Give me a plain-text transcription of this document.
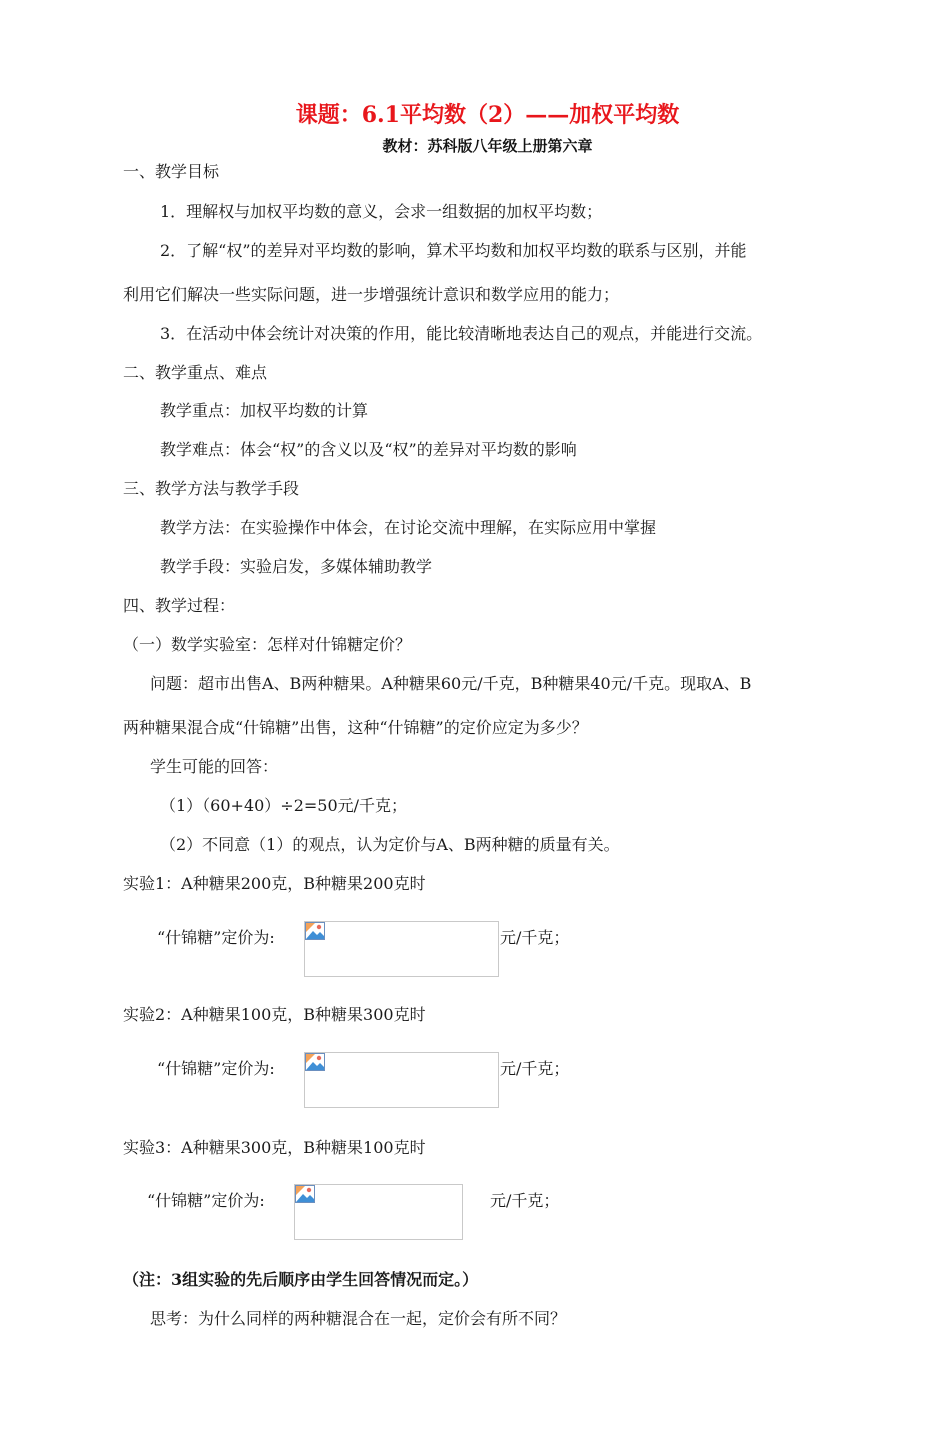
课题：6.1平均数（2）——加权平均数
教材：苏科版八年级上册第六章
一、教学目标
1．理解权与加权平均数的意义，会求一组数据的加权平均数；
2．了解“权”的差异对平均数的影响，算术平均数和加权平均数的联系与区别，并能
利用它们解决一些实际问题，进一步增强统计意识和数学应用的能力；
3．在活动中体会统计对决策的作用，能比较清晰地表达自己的观点，并能进行交流。
二、教学重点、难点
教学重点：加权平均数的计算
教学难点：体会“权”的含义以及“权”的差异对平均数的影响
三、教学方法与教学手段
教学方法：在实验操作中体会，在讨论交流中理解，在实际应用中掌握
教学手段：实验启发，多媒体辅助教学
四、教学过程：
（一）数学实验室：怎样对什锦糖定价？
问题：超市出售A、B两种糖果。A种糖果60元/千克，B种糖果40元/千克。现取A、B
两种糖果混合成“什锦糖”出售，这种“什锦糖”的定价应定为多少？
学生可能的回答：
（1）（60+40）÷2=50元/千克；
（2）不同意（1）的观点，认为定价与A、B两种糖的质量有关。
实验1：A种糖果200克，B种糖果200克时
“什锦糖”定价为:	元/千克；
实验2：A种糖果100克，B种糖果300克时
“什锦糖”定价为:	元/千克；
实验3：A种糖果300克，B种糖果100克时
“什锦糖”定价为:	元/千克；
（注：3组实验的先后顺序由学生回答情况而定。）
思考：为什么同样的两种糖混合在一起，定价会有所不同？
